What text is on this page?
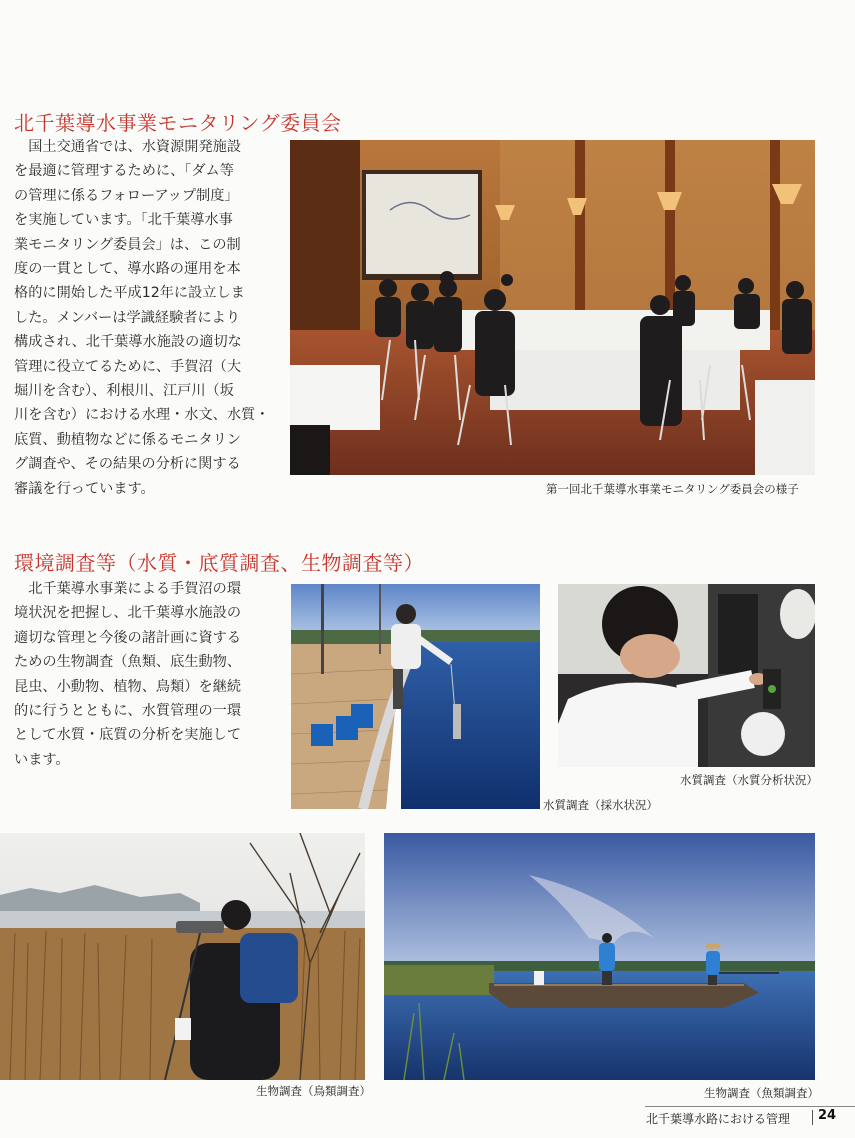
北千葉導水事業モニタリング委員会
　国土交通省では、水資源開発施設
を最適に管理するために、「ダム等
の管理に係るフォローアップ制度」
を実施しています。「北千葉導水事
業モニタリング委員会」は、この制
度の一貫として、導水路の運用を本
格的に開始した平成12年に設立しま
した。メンバーは学識経験者により
構成され、北千葉導水施設の適切な
管理に役立てるために、手賀沼（大
堀川を含む）、利根川、江戸川（坂
川を含む）における水理・水文、水質・
底質、動植物などに係るモニタリン
グ調査や、その結果の分析に関する
審議を行っています。	第一回北千葉導水事業モニタリング委員会の様子
環境調査等（水質・底質調査、生物調査等）
　北千葉導水事業による手賀沼の環
境状況を把握し、北千葉導水施設の
適切な管理と今後の諸計画に資する
ための生物調査（魚類、底生動物、
昆虫、小動物、植物、鳥類）を継続
的に行うとともに、水質管理の一環
として水質・底質の分析を実施して
います。
水質調査（採水状況）
水質調査（水質分析状況）
生物調査（鳥類調査）	生物調査（魚類調査）
北千葉導水路における管理 24
